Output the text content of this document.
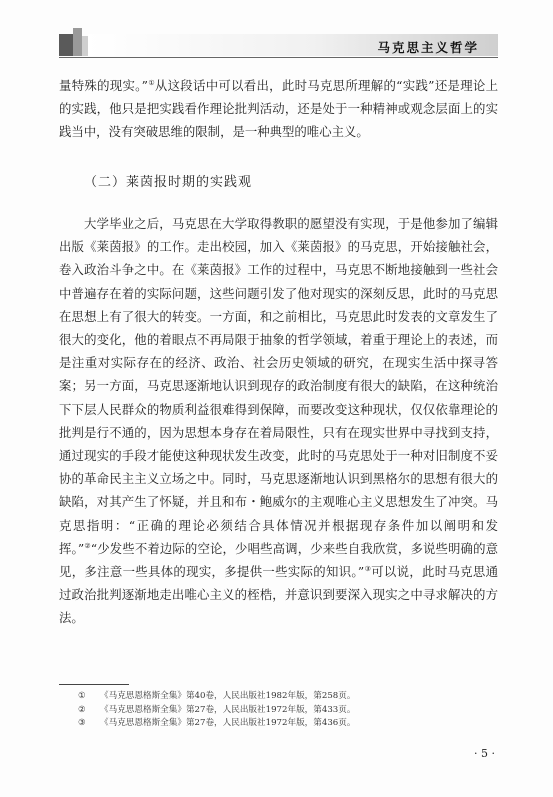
马克思主义哲学
量特殊的现实。”①从这段话中可以看出，此时马克思所理解的“实践”还是理论上的实践，他只是把实践看作理论批判活动，还是处于一种精神或观念层面上的实践当中，没有突破思维的限制，是一种典型的唯心主义。
（二）莱茵报时期的实践观
大学毕业之后，马克思在大学取得教职的愿望没有实现，于是他参加了编辑出版《莱茵报》的工作。走出校园，加入《莱茵报》的马克思，开始接触社会，卷入政治斗争之中。在《莱茵报》工作的过程中，马克思不断地接触到一些社会中普遍存在着的实际问题，这些问题引发了他对现实的深刻反思，此时的马克思在思想上有了很大的转变。一方面，和之前相比，马克思此时发表的文章发生了很大的变化，他的着眼点不再局限于抽象的哲学领域，着重于理论上的表述，而是注重对实际存在的经济、政治、社会历史领域的研究，在现实生活中探寻答案；另一方面，马克思逐渐地认识到现存的政治制度有很大的缺陷，在这种统治下下层人民群众的物质利益很难得到保障，而要改变这种现状，仅仅依靠理论的批判是行不通的，因为思想本身存在着局限性，只有在现实世界中寻找到支持，通过现实的手段才能使这种现状发生改变，此时的马克思处于一种对旧制度不妥协的革命民主主义立场之中。同时，马克思逐渐地认识到黑格尔的思想有很大的缺陷，对其产生了怀疑，并且和布・鲍威尔的主观唯心主义思想发生了冲突。马克思指明：“正确的理论必须结合具体情况并根据现存条件加以阐明和发挥。”②“少发些不着边际的空论，少唱些高调，少来些自我欣赏，多说些明确的意见，多注意一些具体的现实，多提供一些实际的知识。”③可以说，此时马克思通过政治批判逐渐地走出唯心主义的桎梏，并意识到要深入现实之中寻求解决的方法。
① 《马克思恩格斯全集》第40卷，人民出版社1982年版，第258页。
② 《马克思恩格斯全集》第27卷，人民出版社1972年版，第433页。
③ 《马克思恩格斯全集》第27卷，人民出版社1972年版，第436页。
· 5 ·
